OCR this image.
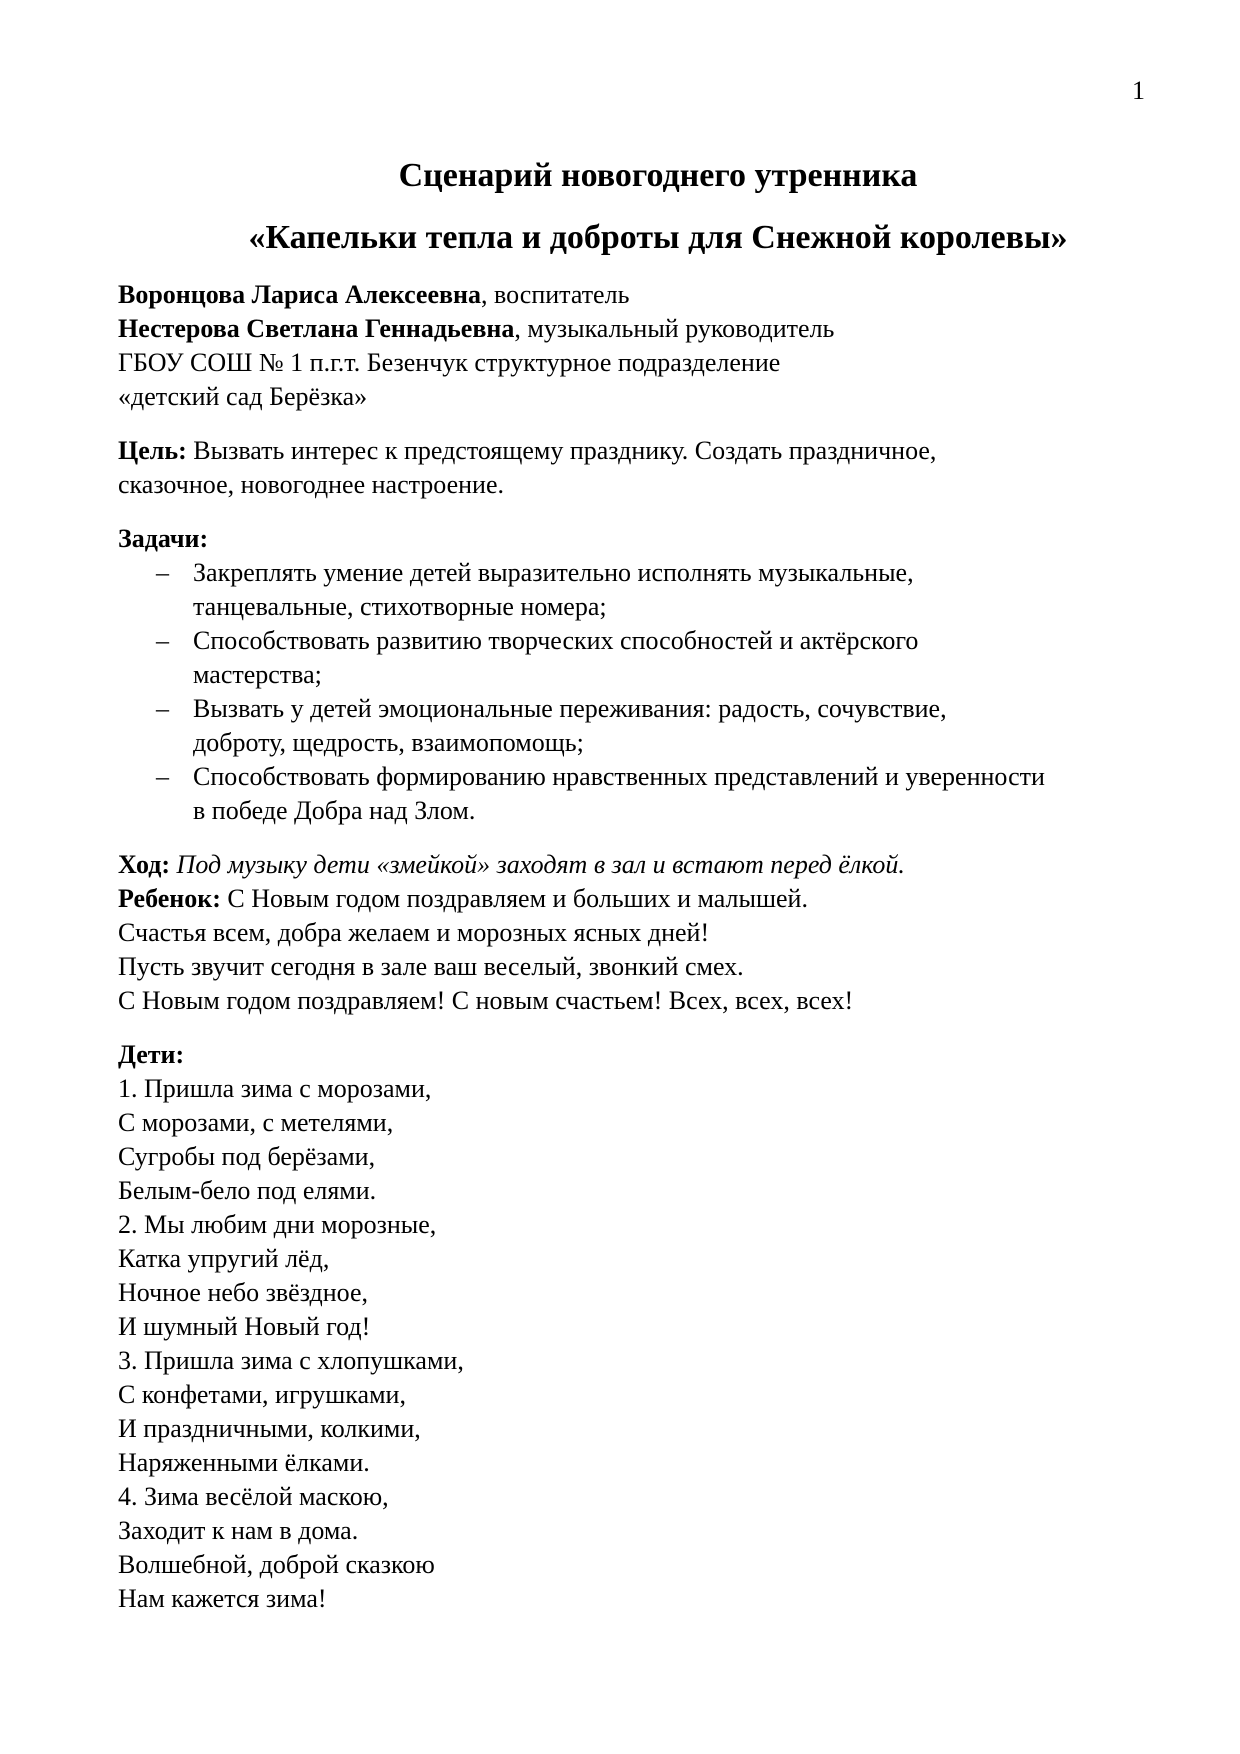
1
Сценарий новогоднего утренника
«Капельки тепла и доброты для Снежной королевы»
Воронцова Лариса Алексеевна, воспитатель
Нестерова Светлана Геннадьевна, музыкальный руководитель
ГБОУ СОШ № 1 п.г.т. Безенчук структурное подразделение
«детский сад Берёзка»
Цель: Вызвать интерес к предстоящему празднику. Создать праздничное,
сказочное, новогоднее настроение.
Задачи:
– Закреплять умение детей выразительно исполнять музыкальные,
танцевальные, стихотворные номера;
– Способствовать развитию творческих способностей и актёрского
мастерства;
– Вызвать у детей эмоциональные переживания: радость, сочувствие,
доброту, щедрость, взаимопомощь;
– Способствовать формированию нравственных представлений и уверенности
в победе Добра над Злом.
Ход: Под музыку дети «змейкой» заходят в зал и встают перед ёлкой.
Ребенок: С Новым годом поздравляем и больших и малышей.
Счастья всем, добра желаем и морозных ясных дней!
Пусть звучит сегодня в зале ваш веселый, звонкий смех.
С Новым годом поздравляем! С новым счастьем! Всех, всех, всех!
Дети:
1. Пришла зима с морозами,
С морозами, с метелями,
Сугробы под берёзами,
Белым-бело под елями.
2. Мы любим дни морозные,
Катка упругий лёд,
Ночное небо звёздное,
И шумный Новый год!
3. Пришла зима с хлопушками,
С конфетами, игрушками,
И праздничными, колкими,
Наряженными ёлками.
4. Зима весёлой маскою,
Заходит к нам в дома.
Волшебной, доброй сказкою
Нам кажется зима!
